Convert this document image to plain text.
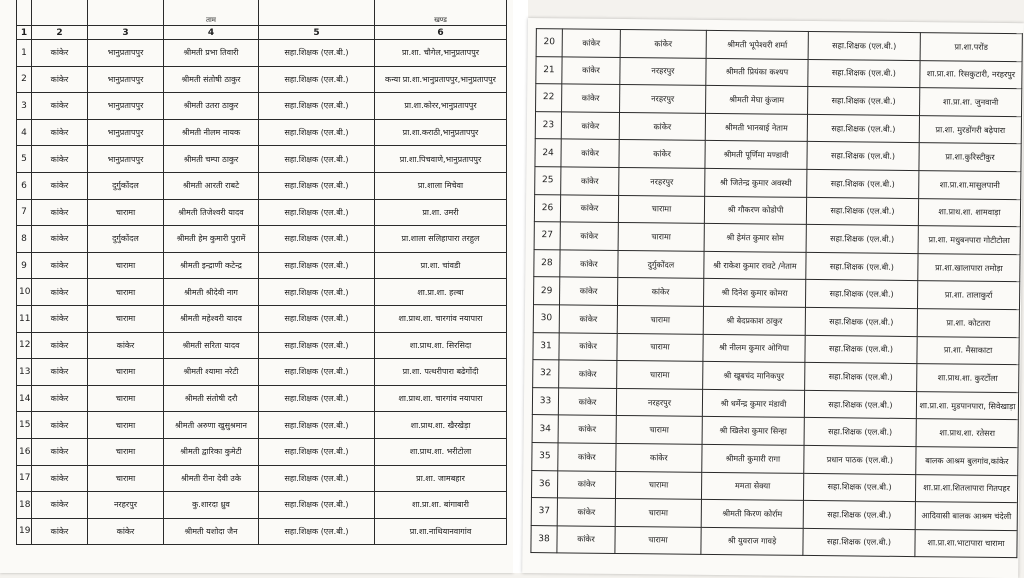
			ताम		खण्ड
1	2	3	4	5	6
1	कांकेर	भानुप्रतापपुर	श्रीमती प्रभा तिवारी	सहा.शिक्षक (एल.बी.)	प्रा.शा. चौगेल,भानुप्रतापपुर
2	कांकेर	भानुप्रतापपुर	श्रीमती संतोषी ठाकुर	सहा.शिक्षक (एल.बी.)	कन्या प्रा.शा.भानुप्रतापपुर,भानुप्रतापपुर
3	कांकेर	भानुप्रतापपुर	श्रीमती उतरा ठाकुर	सहा.शिक्षक (एल.बी.)	प्रा.शा.कोरर,भानुप्रतापपुर
4	कांकेर	भानुप्रतापपुर	श्रीमती नीलम नायक	सहा.शिक्षक (एल.बी.)	प्रा.शा.कराठी,भानुप्रतापपुर
5	कांकेर	भानुप्रतापपुर	श्रीमती चम्पा ठाकुर	सहा.शिक्षक (एल.बी.)	प्रा.शा.पिचवाणे,भानुप्रतापपुर
6	कांकेर	दुर्गुकोंदल	श्रीमती आरती राबटे	सहा.शिक्षक (एल.बी.)	प्रा.शाला मिचेवा
7	कांकेर	चारामा	श्रीमती तिजेश्वरी यादव	सहा.शिक्षक (एल.बी.)	प्रा.शा. उमरी
8	कांकेर	दुर्गुकोंदल	श्रीमती हेम कुमारी पुरामें	सहा.शिक्षक (एल.बी.)	प्रा.शाला सलिहापारा तरहुल
9	कांकेर	चारामा	श्रीमती इन्द्राणी कटेन्द्र	सहा.शिक्षक (एल.बी.)	प्रा.शा. चांवडी
10	कांकेर	चारामा	श्रीमती श्रीदेवी नाग	सहा.शिक्षक (एल.बी.)	शा.प्रा.शा. हल्बा
11	कांकेर	चारामा	श्रीमती महेश्वरी यादव	सहा.शिक्षक (एल.बी.)	शा.प्राथ.शा. चारगांव नयापारा
12	कांकेर	कांकेर	श्रीमती सरिता यादव	सहा.शिक्षक (एल.बी.)	शा.प्राथ.शा. सिरसिदा
13	कांकेर	चारामा	श्रीमती श्यामा नरेटी	सहा.शिक्षक (एल.बी.)	प्रा.शा. पत्थरीपारा बढेगोंदी
14	कांकेर	चारामा	श्रीमती संतोषी दरौ	सहा.शिक्षक (एल.बी.)	शा.प्राथ.शा. चारगांव नयापारा
15	कांकेर	चारामा	श्रीमती अरुणा खुसुश्रमान	सहा.शिक्षक (एल.बी.)	शा.प्राथ.शा. खैरखेड़ा
16	कांकेर	चारामा	श्रीमती द्वारिका कुमेटी	सहा.शिक्षक (एल.बी.)	शा.प्राथ.शा. भरीटोला
17	कांकेर	चारामा	श्रीमती रीना देवी उके	सहा.शिक्षक (एल.बी.)	प्रा.शा. जामबहार
18	कांकेर	नरहरपुर	कु.शारदा ध्रुव	सहा.शिक्षक (एल.बी.)	शा.प्रा.शा. बांगाबारी
19	कांकेर	कांकेर	श्रीमती यशोदा जैन	सहा.शिक्षक (एल.बी.)	प्रा.शा.नाथियानवागांव
20	कांकेर	कांकेर	श्रीमती भूपेश्वरी शर्मा	सहा.शिक्षक (एल.बी.)	प्रा.शा.परोंड
21	कांकेर	नरहरपुर	श्रीमती प्रियंका कश्यप	सहा.शिक्षक (एल.बी.)	शा.प्रा.शा. रिसकुटारी, नरहरपुर
22	कांकेर	नरहरपुर	श्रीमती मेघा कुंजाम	सहा.शिक्षक (एल.बी.)	शा.प्रा.शा. जुनवानी
23	कांकेर	कांकेर	श्रीमती भानबाई नेताम	सहा.शिक्षक (एल.बी.)	प्रा.शा. मुरडोंगरी बढ़ेपारा
24	कांकेर	कांकेर	श्रीमती पूर्णिमा मण्डावी	सहा.शिक्षक (एल.बी.)	प्रा.शा.कुरिस्टीकुर
25	कांकेर	नरहरपुर	श्री जितेन्द्र कुमार अवस्थी	सहा.शिक्षक (एल.बी.)	शा.प्रा.शा.मासुलपानी
26	कांकेर	चारामा	श्री गौकरण कोडोपी	सहा.शिक्षक (एल.बी.)	शा.प्राथ.शा. शामवाड़ा
27	कांकेर	चारामा	श्री हेमंत कुमार सोम	सहा.शिक्षक (एल.बी.)	प्रा.शा. मधुबनपारा गोटीटोला
28	कांकेर	दुर्गुकोंदल	श्री राकेश कुमार रावटे /नेताम	सहा.शिक्षक (एल.बी.)	प्रा.शा.खालापारा तमोड़ा
29	कांकेर	कांकेर	श्री दिनेश कुमार कोमरा	सहा.शिक्षक (एल.बी.)	प्रा.शा. तालाकुर्रा
30	कांकेर	चारामा	श्री बेदप्रकाश ठाकुर	सहा.शिक्षक (एल.बी.)	प्रा.शा. कोटतरा
31	कांकेर	चारामा	श्री नीलम कुमार ओगिया	सहा.शिक्षक (एल.बी.)	प्रा.शा. मैसाकाटा
32	कांकेर	चारामा	श्री खूबचंद मानिकपुर	सहा.शिक्षक (एल.बी.)	शा.प्राथ.शा. कुरर्टोला
33	कांकेर	नरहरपुर	श्री धर्मेन्द्र कुमार मंडावी	सहा.शिक्षक (एल.बी.)	शा.प्रा.शा. मुडपानपारा, सिवेखाड़ा
34	कांकेर	चारामा	श्री खिलेश कुमार सिन्हा	सहा.शिक्षक (एल.बी.)	शा.प्राथ.शा. रतेसरा
35	कांकेर	कांकेर	श्रीमती कुमारी रागा	प्रधान पाठक (एल.बी.)	बालक आश्रम बुलगांव,कांकेर
36	कांकेर	चारामा	ममता सेक्या	सहा.शिक्षक (एल.बी.)	शा.प्रा.शा.शितलापारा गितपहर
37	कांकेर	चारामा	श्रीमती किरण कोर्राम	सहा.शिक्षक (एल.बी.)	आदिवासी बालक आश्रम चंदेली
38	कांकेर	चारामा	श्री युवराज गावड़े	सहा.शिक्षक (एल.बी.)	शा.प्रा.शा.भाटापारा चारामा
